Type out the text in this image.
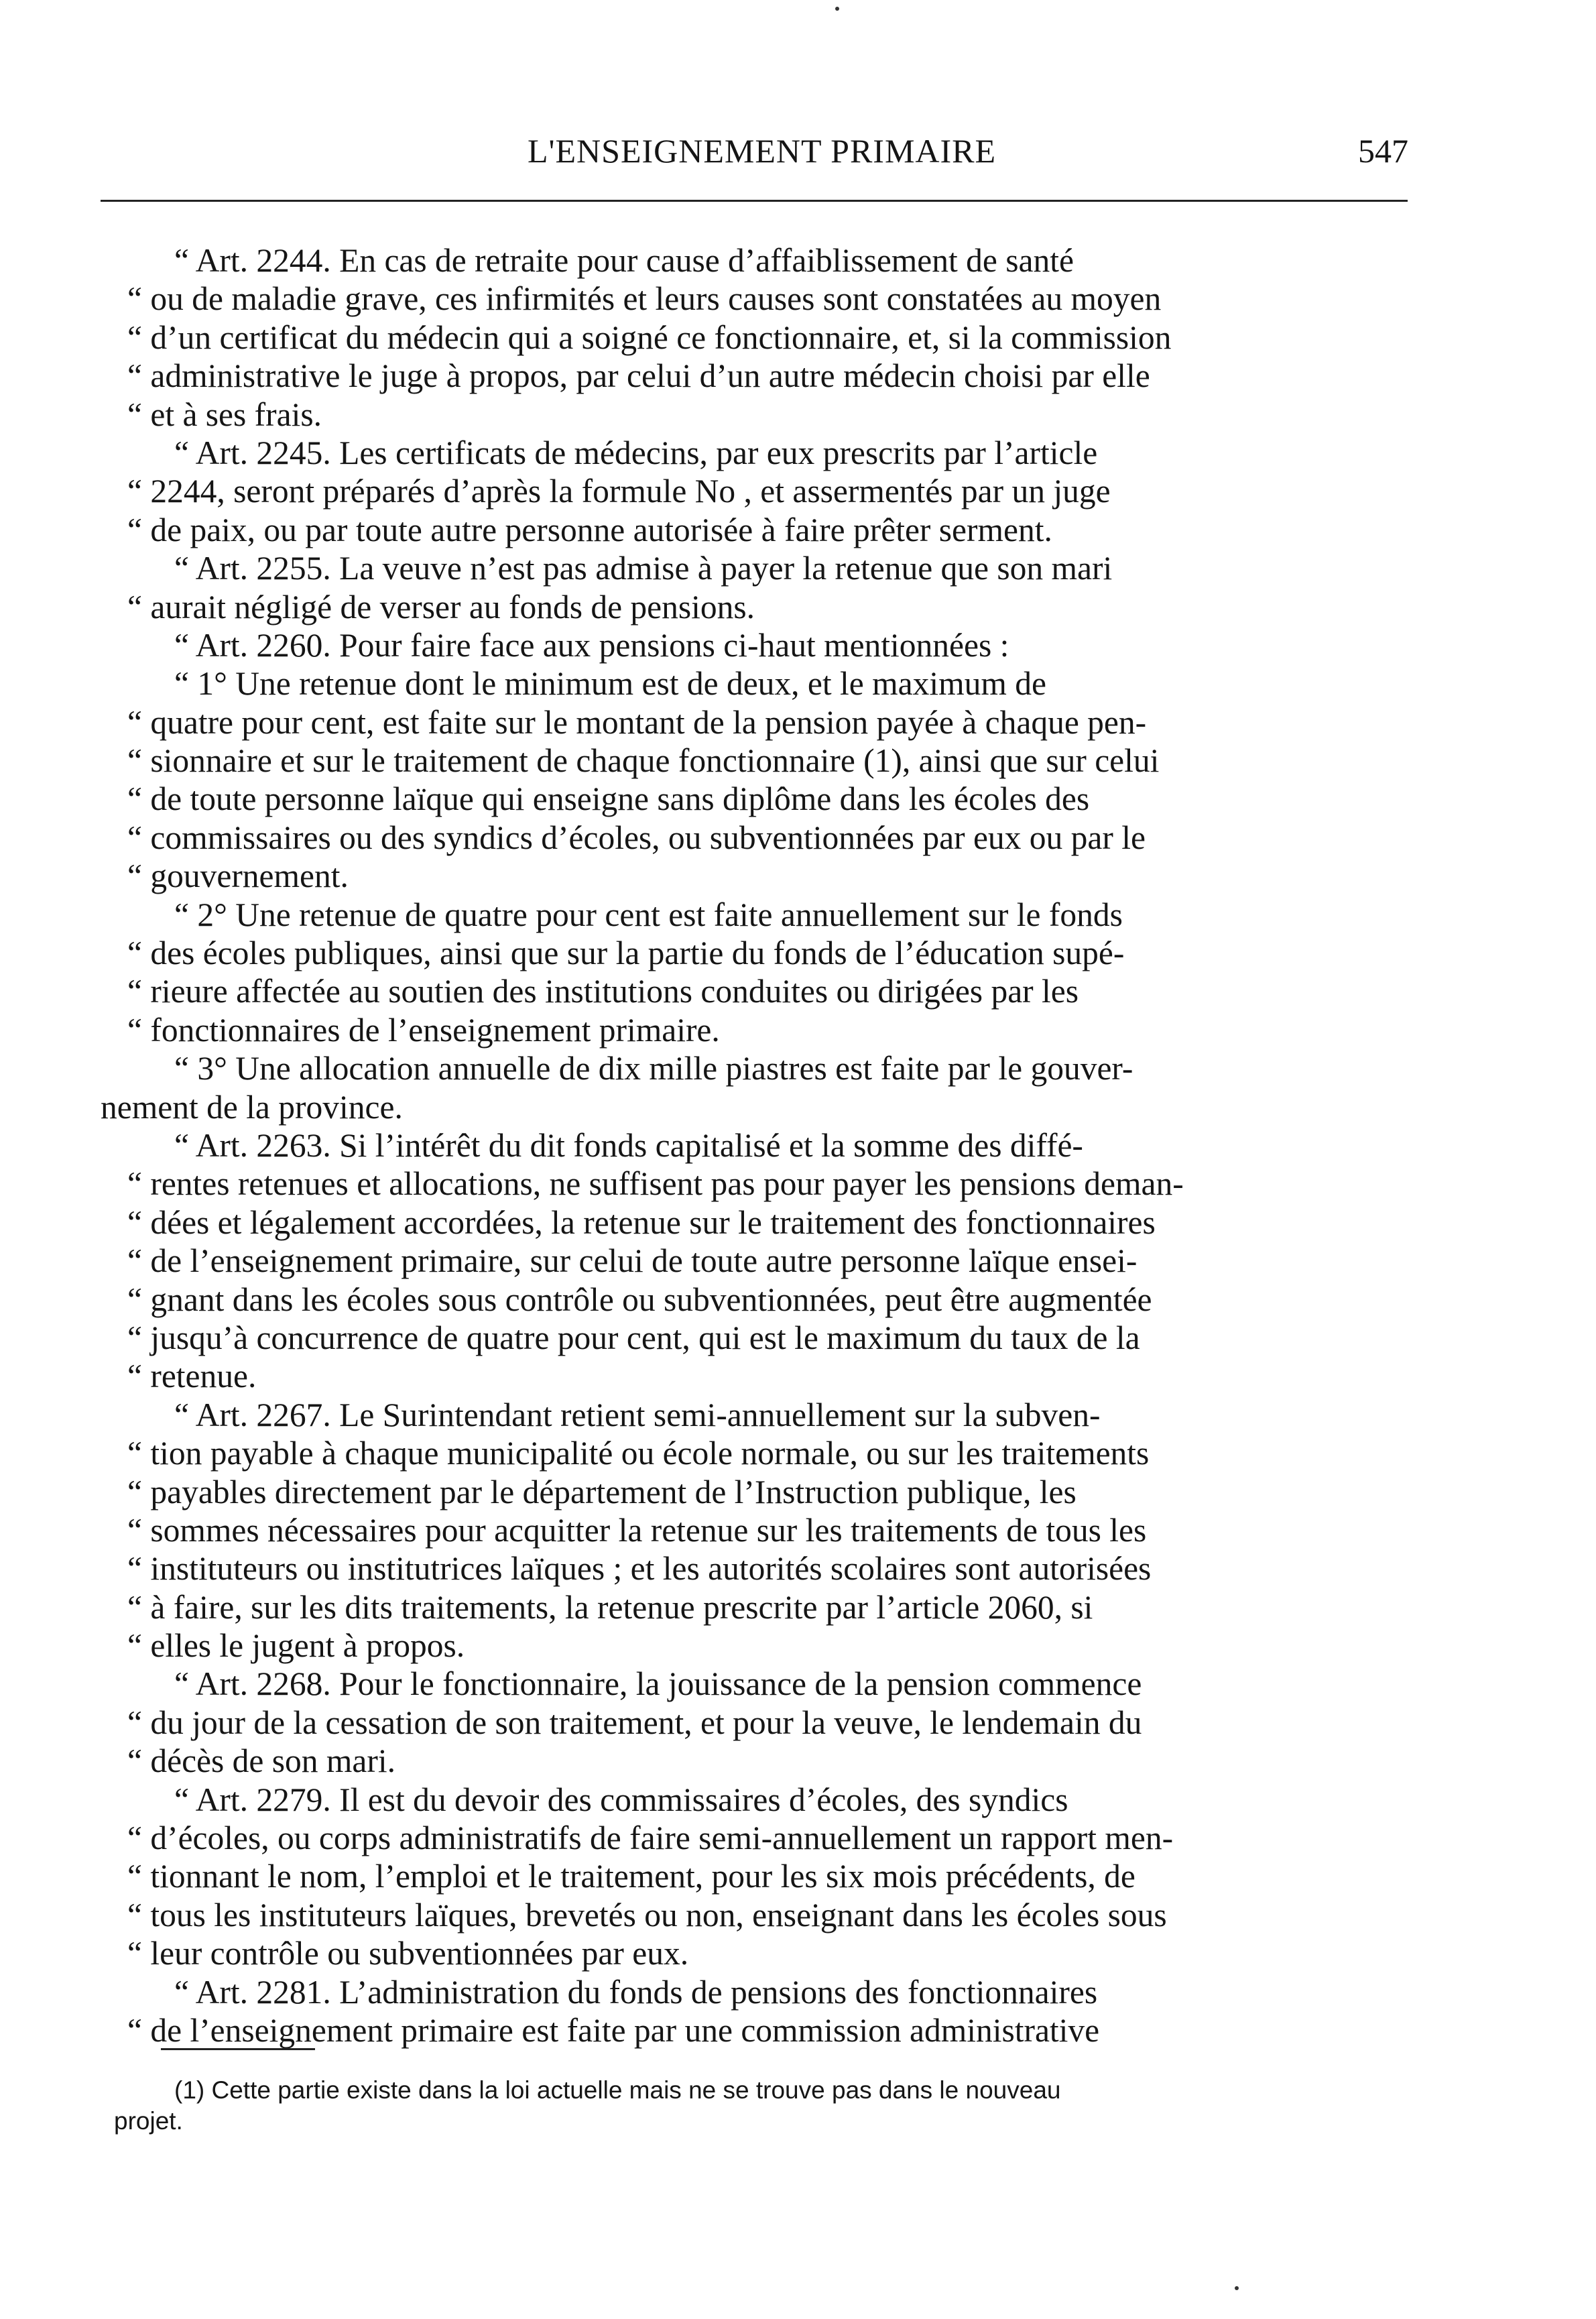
L'ENSEIGNEMENT PRIMAIRE	547
“ Art. 2244. En cas de retraite pour cause d’affaiblissement de santé
“ ou de maladie grave, ces infirmités et leurs causes sont constatées au moyen
“ d’un certificat du médecin qui a soigné ce fonctionnaire, et, si la commission
“ administrative le juge à propos, par celui d’un autre médecin choisi par elle
“ et à ses frais.
“ Art. 2245. Les certificats de médecins, par eux prescrits par l’article
“ 2244, seront préparés d’après la formule No , et assermentés par un juge
“ de paix, ou par toute autre personne autorisée à faire prêter serment.
“ Art. 2255. La veuve n’est pas admise à payer la retenue que son mari
“ aurait négligé de verser au fonds de pensions.
“ Art. 2260. Pour faire face aux pensions ci-haut mentionnées :
“ 1° Une retenue dont le minimum est de deux, et le maximum de
“ quatre pour cent, est faite sur le montant de la pension payée à chaque pen-
“ sionnaire et sur le traitement de chaque fonctionnaire (1), ainsi que sur celui
“ de toute personne laïque qui enseigne sans diplôme dans les écoles des
“ commissaires ou des syndics d’écoles, ou subventionnées par eux ou par le
“ gouvernement.
“ 2° Une retenue de quatre pour cent est faite annuellement sur le fonds
“ des écoles publiques, ainsi que sur la partie du fonds de l’éducation supé-
“ rieure affectée au soutien des institutions conduites ou dirigées par les
“ fonctionnaires de l’enseignement primaire.
“ 3° Une allocation annuelle de dix mille piastres est faite par le gouver-
nement de la province.
“ Art. 2263. Si l’intérêt du dit fonds capitalisé et la somme des diffé-
“ rentes retenues et allocations, ne suffisent pas pour payer les pensions deman-
“ dées et légalement accordées, la retenue sur le traitement des fonctionnaires
“ de l’enseignement primaire, sur celui de toute autre personne laïque ensei-
“ gnant dans les écoles sous contrôle ou subventionnées, peut être augmentée
“ jusqu’à concurrence de quatre pour cent, qui est le maximum du taux de la
“ retenue.
“ Art. 2267. Le Surintendant retient semi-annuellement sur la subven-
“ tion payable à chaque municipalité ou école normale, ou sur les traitements
“ payables directement par le département de l’Instruction publique, les
“ sommes nécessaires pour acquitter la retenue sur les traitements de tous les
“ instituteurs ou institutrices laïques ; et les autorités scolaires sont autorisées
“ à faire, sur les dits traitements, la retenue prescrite par l’article 2060, si
“ elles le jugent à propos.
“ Art. 2268. Pour le fonctionnaire, la jouissance de la pension commence
“ du jour de la cessation de son traitement, et pour la veuve, le lendemain du
“ décès de son mari.
“ Art. 2279. Il est du devoir des commissaires d’écoles, des syndics
“ d’écoles, ou corps administratifs de faire semi-annuellement un rapport men-
“ tionnant le nom, l’emploi et le traitement, pour les six mois précédents, de
“ tous les instituteurs laïques, brevetés ou non, enseignant dans les écoles sous
“ leur contrôle ou subventionnées par eux.
“ Art. 2281. L’administration du fonds de pensions des fonctionnaires
“ de l’enseignement primaire est faite par une commission administrative
(1) Cette partie existe dans la loi actuelle mais ne se trouve pas dans le nouveau
projet.
